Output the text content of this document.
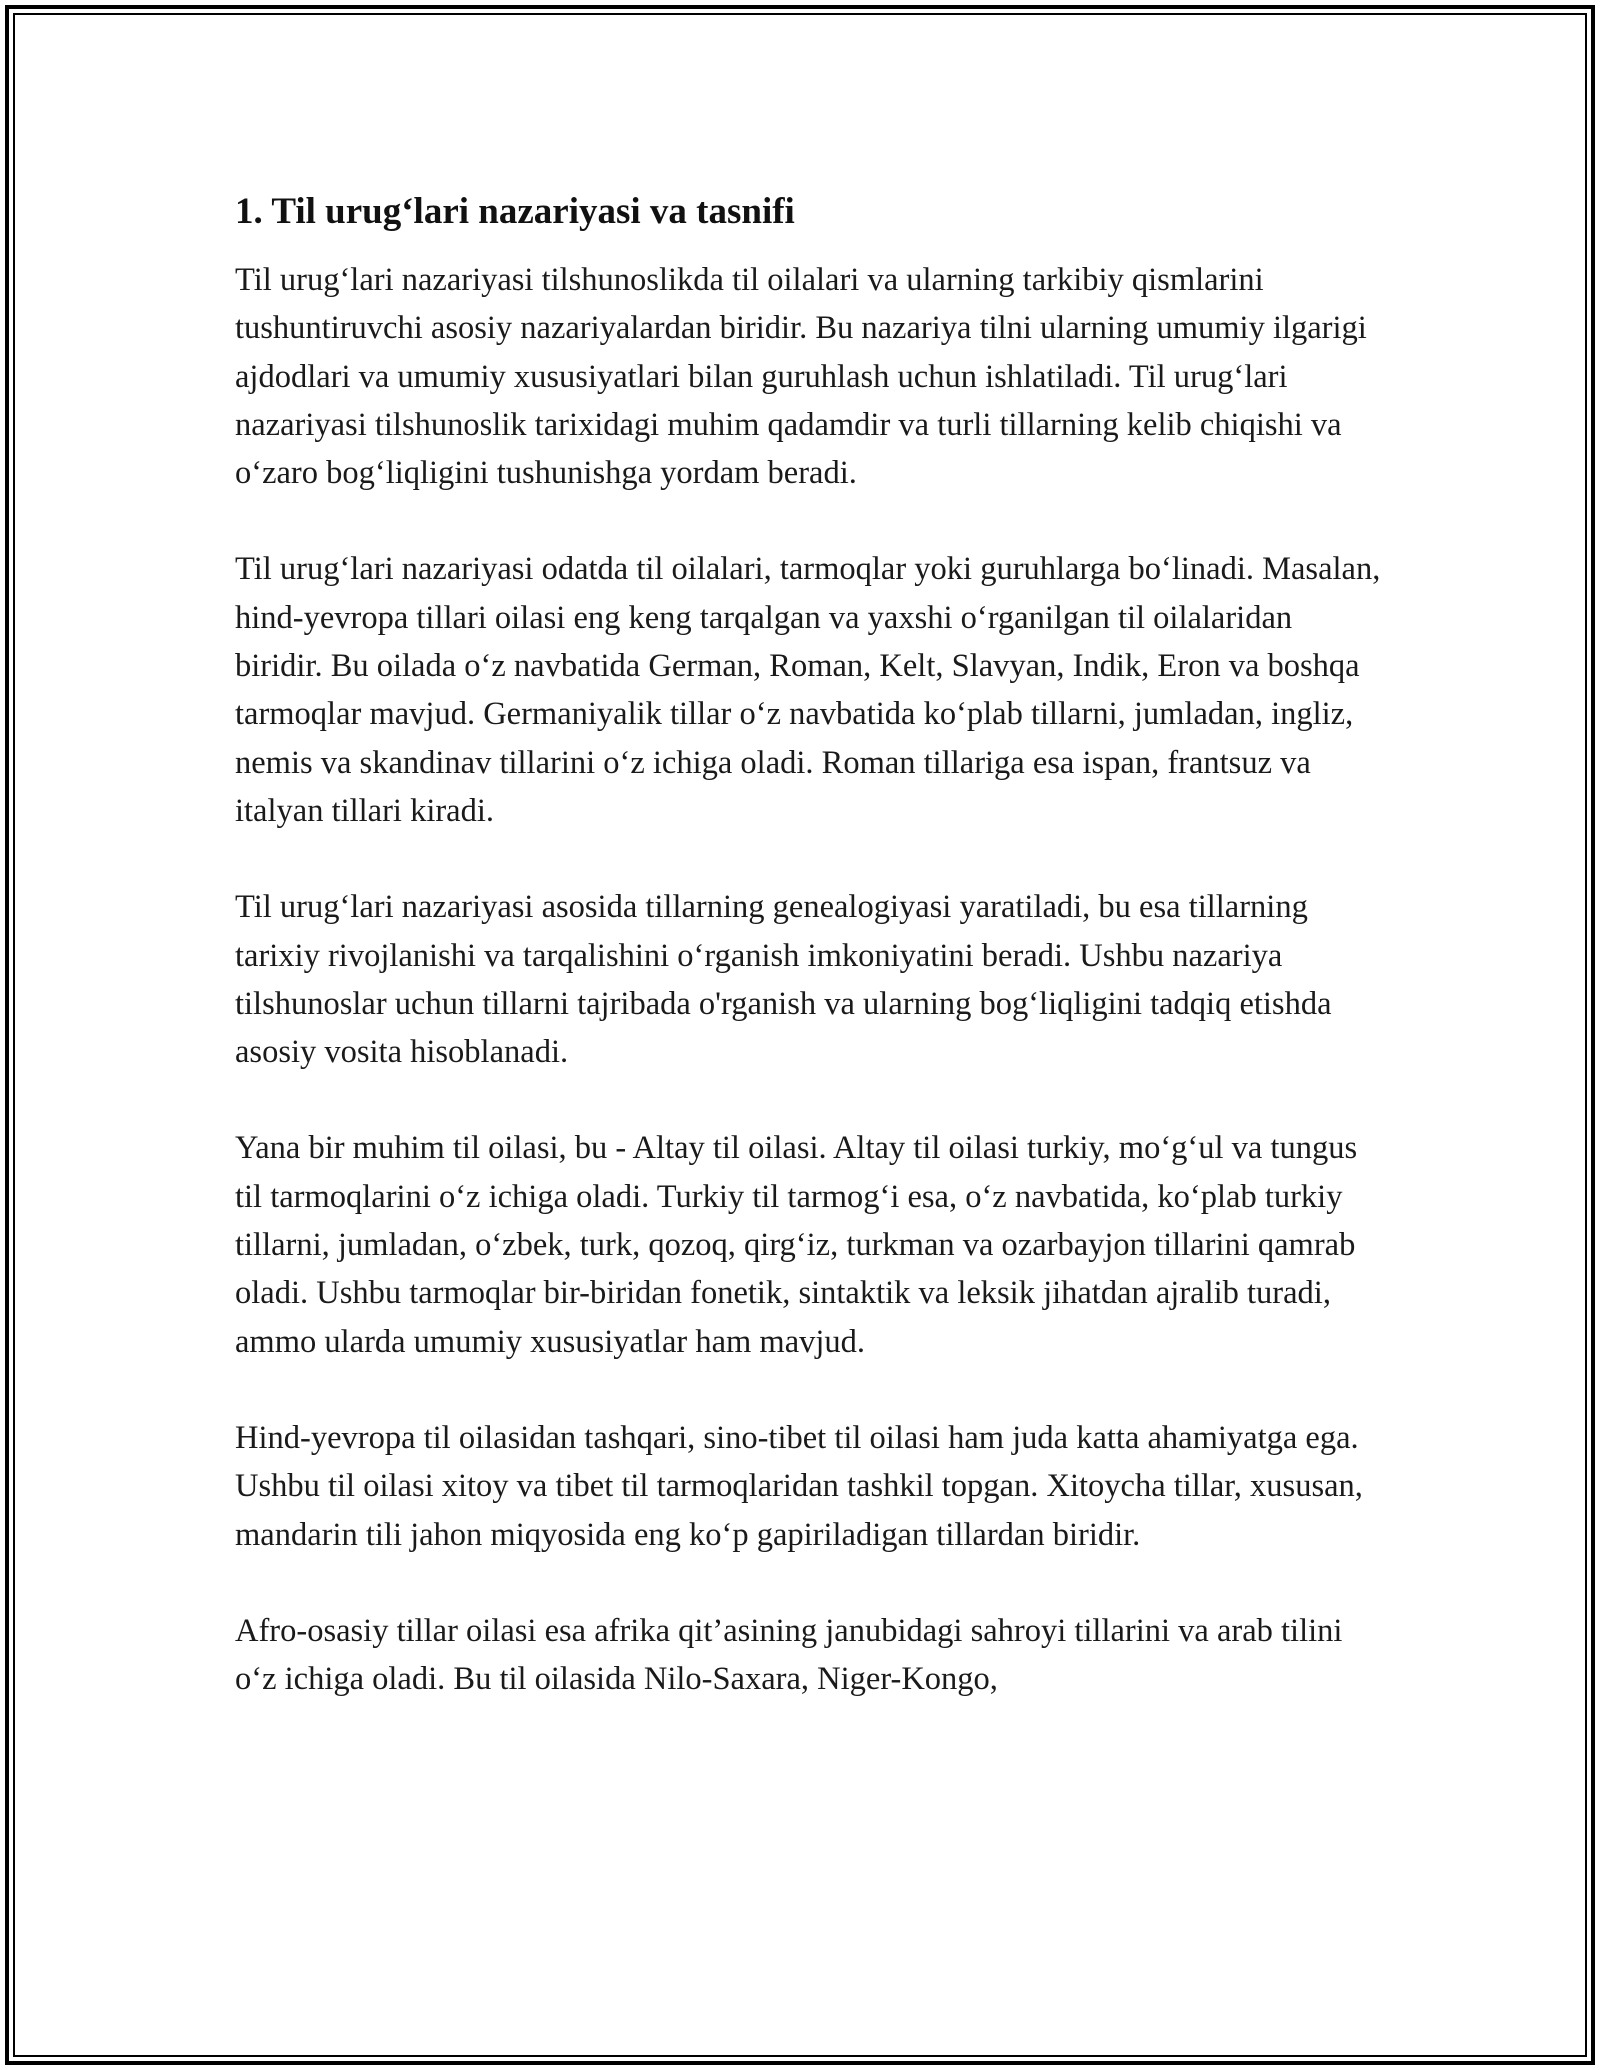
1. Til urug‘lari nazariyasi va tasnifi

Til urug‘lari nazariyasi tilshunoslikda til oilalari va ularning tarkibiy qismlarini tushuntiruvchi asosiy nazariyalardan biridir. Bu nazariya tilni ularning umumiy ilgarigi ajdodlari va umumiy xususiyatlari bilan guruhlash uchun ishlatiladi. Til urug‘lari nazariyasi tilshunoslik tarixidagi muhim qadamdir va turli tillarning kelib chiqishi va o‘zaro bog‘liqligini tushunishga yordam beradi.

Til urug‘lari nazariyasi odatda til oilalari, tarmoqlar yoki guruhlarga bo‘linadi. Masalan, hind-yevropa tillari oilasi eng keng tarqalgan va yaxshi o‘rganilgan til oilalaridan biridir. Bu oilada o‘z navbatida German, Roman, Kelt, Slavyan, Indik, Eron va boshqa tarmoqlar mavjud. Germaniyalik tillar o‘z navbatida ko‘plab tillarni, jumladan, ingliz, nemis va skandinav tillarini o‘z ichiga oladi. Roman tillariga esa ispan, frantsuz va italyan tillari kiradi.

Til urug‘lari nazariyasi asosida tillarning genealogiyasi yaratiladi, bu esa tillarning tarixiy rivojlanishi va tarqalishini o‘rganish imkoniyatini beradi. Ushbu nazariya tilshunoslar uchun tillarni tajribada o'rganish va ularning bog‘liqligini tadqiq etishda asosiy vosita hisoblanadi.

Yana bir muhim til oilasi, bu - Altay til oilasi. Altay til oilasi turkiy, mo‘g‘ul va tungus til tarmoqlarini o‘z ichiga oladi. Turkiy til tarmog‘i esa, o‘z navbatida, ko‘plab turkiy tillarni, jumladan, o‘zbek, turk, qozoq, qirg‘iz, turkman va ozarbayjon tillarini qamrab oladi. Ushbu tarmoqlar bir-biridan fonetik, sintaktik va leksik jihatdan ajralib turadi, ammo ularda umumiy xususiyatlar ham mavjud.

Hind-yevropa til oilasidan tashqari, sino-tibet til oilasi ham juda katta ahamiyatga ega. Ushbu til oilasi xitoy va tibet til tarmoqlaridan tashkil topgan. Xitoycha tillar, xususan, mandarin tili jahon miqyosida eng ko‘p gapiriladigan tillardan biridir.

Afro-osasiy tillar oilasi esa afrika qit’asining janubidagi sahroyi tillarini va arab tilini o‘z ichiga oladi. Bu til oilasida Nilo-Saxara, Niger-Kongo,
